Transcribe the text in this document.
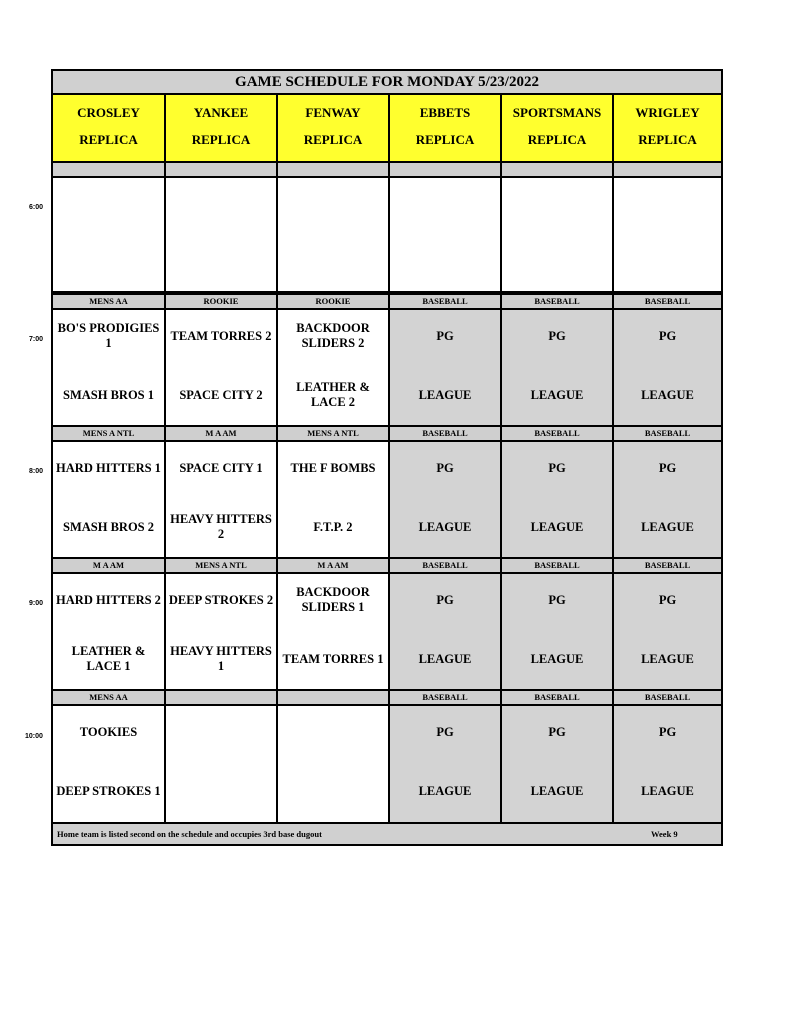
GAME SCHEDULE FOR MONDAY 5/23/2022
CROSLEY
REPLICA
YANKEE
REPLICA
FENWAY
REPLICA
EBBETS
REPLICA
SPORTSMANS
REPLICA
WRIGLEY
REPLICA
MENS AA
BO'S PRODIGIES 1
SMASH BROS 1
ROOKIE
TEAM TORRES 2
SPACE CITY 2
ROOKIE
BACKDOOR SLIDERS 2
LEATHER & LACE 2
BASEBALL
PG
LEAGUE
BASEBALL
PG
LEAGUE
BASEBALL
PG
LEAGUE
MENS A NTL
HARD HITTERS 1
SMASH BROS 2
M A AM
SPACE CITY 1
HEAVY HITTERS 2
MENS A NTL
THE F BOMBS
F.T.P. 2
BASEBALL
PG
LEAGUE
BASEBALL
PG
LEAGUE
BASEBALL
PG
LEAGUE
M A AM
HARD HITTERS 2
LEATHER & LACE 1
MENS A NTL
DEEP STROKES 2
HEAVY HITTERS 1
M A AM
BACKDOOR SLIDERS 1
TEAM TORRES 1
BASEBALL
PG
LEAGUE
BASEBALL
PG
LEAGUE
BASEBALL
PG
LEAGUE
MENS AA
TOOKIES
DEEP STROKES 1
BASEBALL
PG
LEAGUE
BASEBALL
PG
LEAGUE
BASEBALL
PG
LEAGUE
Home team is listed second on the schedule and occupies 3rd base dugout	Week 9
6:00
7:00
8:00
9:00
10:00
